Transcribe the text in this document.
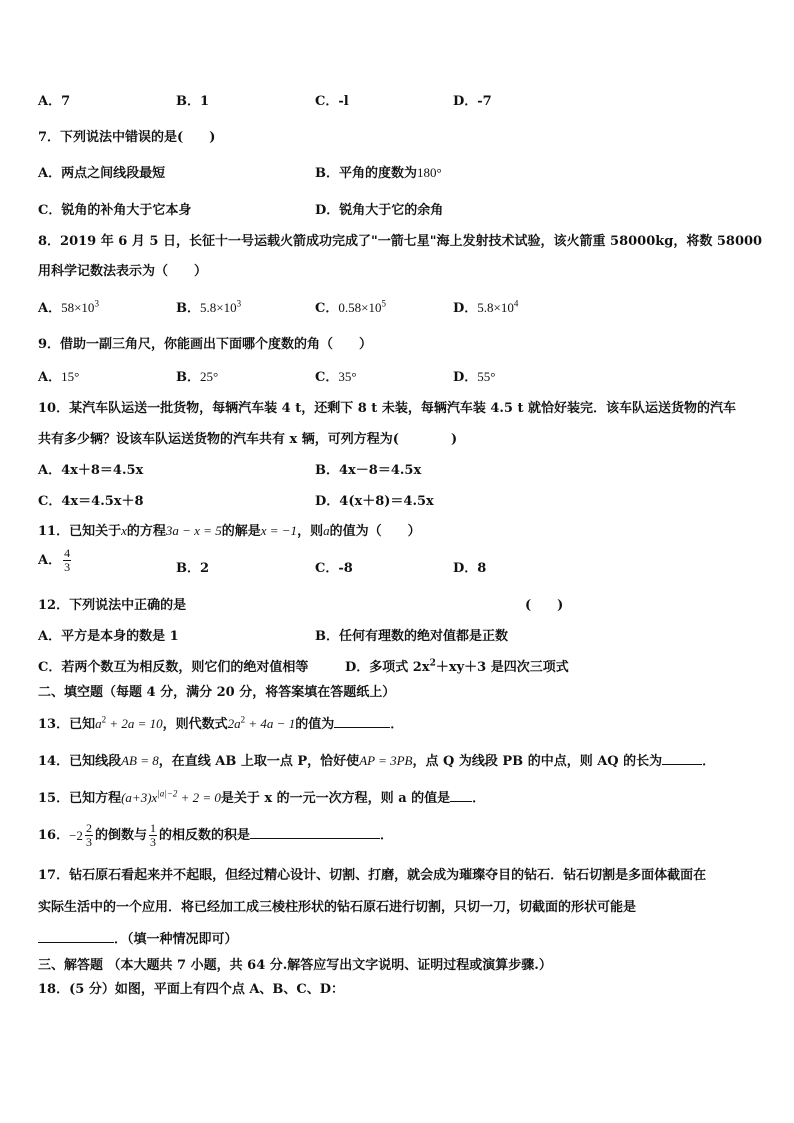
A．7	B．1	C．-l	D．-7
7．下列说法中错误的是(　　)
A．两点之间线段最短	B．平角的度数为180°
C．锐角的补角大于它本身	D．锐角大于它的余角
8．2019 年 6 月 5 日，长征十一号运载火箭成功完成了"一箭七星"海上发射技术试验，该火箭重 58000kg，将数 58000
用科学记数法表示为（　　）
A．$58\times 10^3$	B．$5.8\times 10^3$	C．$0.58\times 10^5$	D．$5.8\times 10^4$
9．借助一副三角尺，你能画出下面哪个度数的角（　　）
A．15°	B．25°	C．35°	D．55°
10．某汽车队运送一批货物，每辆汽车装 4 t，还剩下 8 t 未装，每辆汽车装 4.5 t 就恰好装完．该车队运送货物的汽车
共有多少辆？设该车队运送货物的汽车共有 x 辆，可列方程为(　　　　)
A．4x＋8＝4.5x	B．4x－8＝4.5x
C．4x＝4.5x＋8	D．4(x＋8)＝4.5x
11．已知关于x的方程3a − x = 5的解是x = −1，则a的值为（　　）
A． $\frac{4}{3}$	B．2	C．-8	D．8
12．下列说法中正确的是	(　　)
A．平方是本身的数是 1	B．任何有理数的绝对值都是正数
C．若两个数互为相反数，则它们的绝对值相等	D．多项式 $2x^2+xy+3$ 是四次三项式
二、填空题（每题 4 分，满分 20 分，将答案填在答题纸上）
13．已知$a^2 + 2a = 10$，则代数式$2a^2 + 4a - 1$的值为	．
14．已知线段AB = 8，在直线 AB 上取一点 P，恰好使AP = 3PB，点 Q 为线段 PB 的中点，则 AQ 的长为	．
15．已知方程$(a+3)x^{|a|-2} + 2 = 0$是关于 x 的一元一次方程，则 a 的值是 ．
16． $-2 \frac{2}{3}$ 的倒数与 $\frac{1}{3}$ 的相反数的积是	．
17．钻石原石看起来并不起眼，但经过精心设计、切割、打磨，就会成为璀璨夺目的钻石．钻石切割是多面体截面在
实际生活中的一个应用．将已经加工成三棱柱形状的钻石原石进行切割，只切一刀，切截面的形状可能是
．（填一种情况即可）
三、解答题 （本大题共 7 小题，共 64 分.解答应写出文字说明、证明过程或演算步骤.）
18．(5 分）如图，平面上有四个点 A、B、C、D：
